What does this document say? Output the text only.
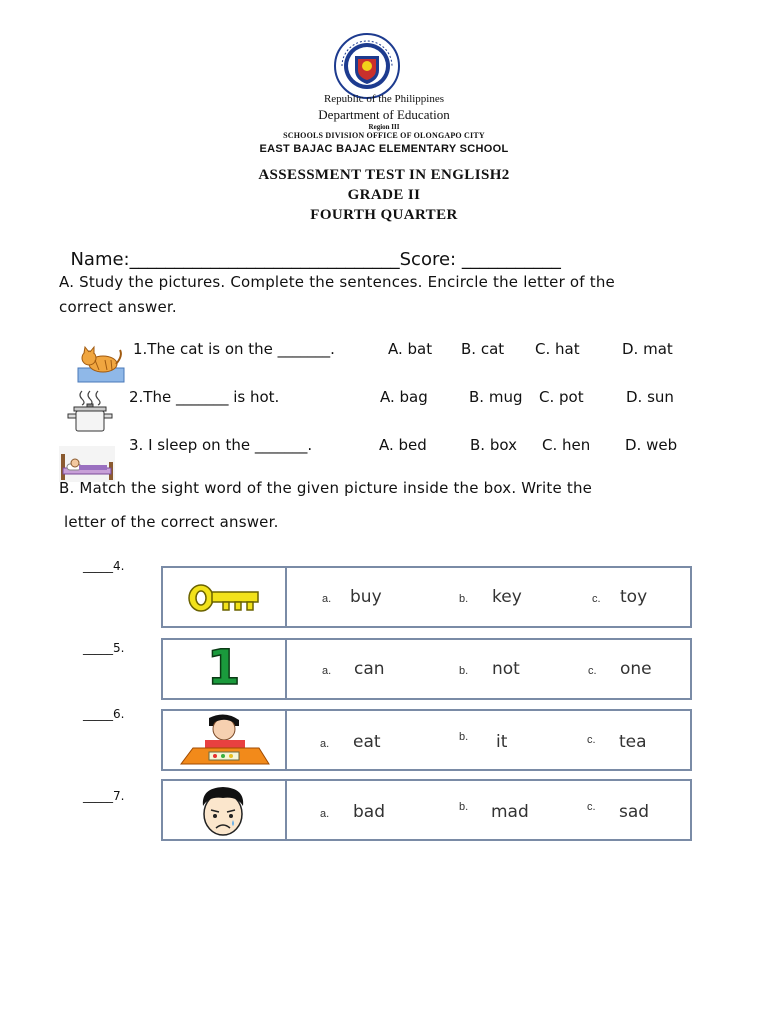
Republic of the Philippines
Department of Education
Region III
SCHOOLS DIVISION OFFICE OF OLONGAPO CITY
EAST BAJAC BAJAC ELEMENTARY SCHOOL
ASSESSMENT TEST IN ENGLISH2
GRADE II
FOURTH QUARTER

Name:______________________________Score: ___________

A. Study the pictures. Complete the sentences. Encircle the letter of the
correct answer.
1.The cat is on the _______.	A. bat B. cat C. hat	D. mat
2.The _______ is hot.	A. bag	B. mug C. pot	D. sun
3. I sleep on the _______.	A. bed	B. box C. hen D. web
B. Match the sight word of the given picture inside the box. Write the
letter of the correct answer.
_____4.
a. buy	b. key	c. toy
_____5. 1	a. can	b. not	c. one
_____6.
a. eat	b. it	c. tea
_____7.
a. bad	b. mad	c. sad
